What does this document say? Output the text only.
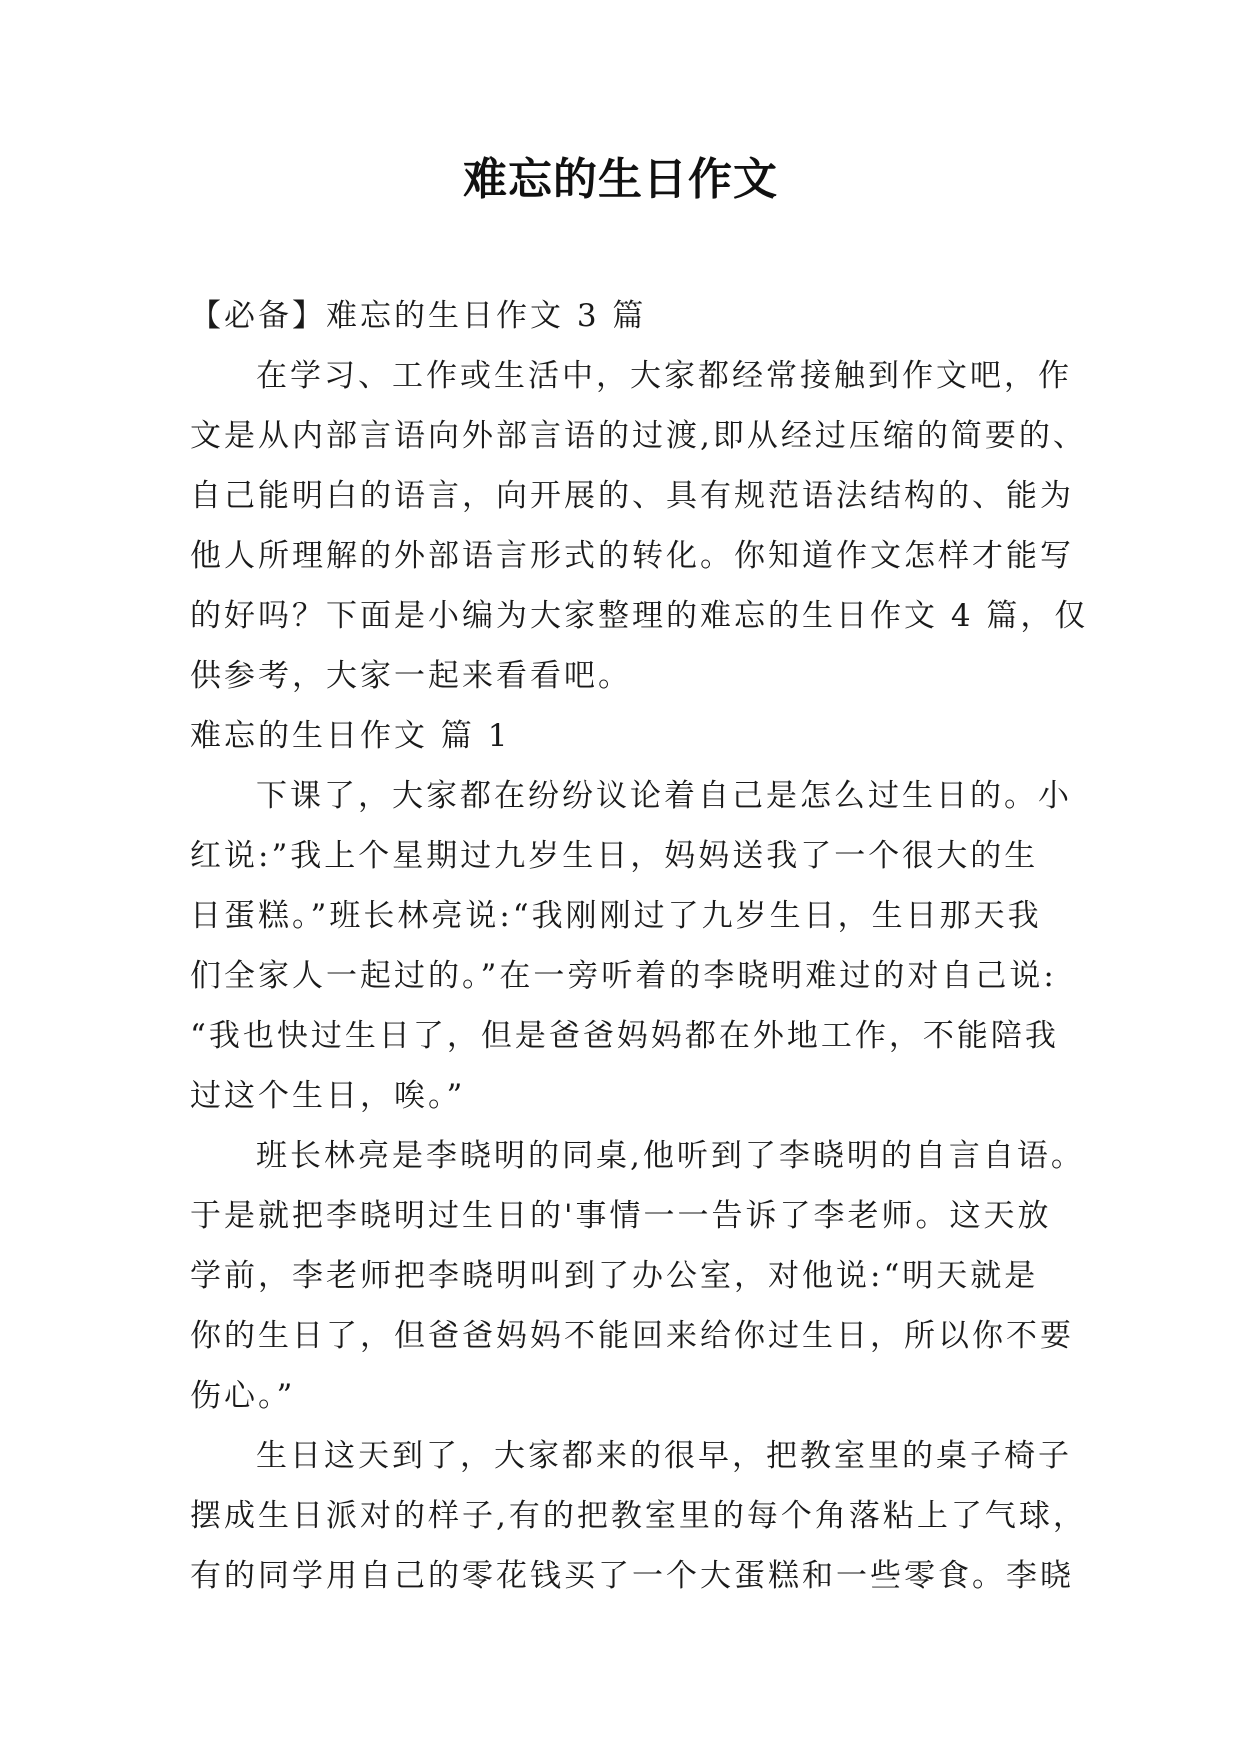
难忘的生日作文
【必备】难忘的生日作文 3 篇
在学习、工作或生活中，大家都经常接触到作文吧，作
文是从内部言语向外部言语的过渡,即从经过压缩的简要的、
自己能明白的语言，向开展的、具有规范语法结构的、能为
他人所理解的外部语言形式的转化。你知道作文怎样才能写
的好吗？下面是小编为大家整理的难忘的生日作文 4 篇，仅
供参考，大家一起来看看吧。
难忘的生日作文 篇 1
下课了，大家都在纷纷议论着自己是怎么过生日的。小
红说:”我上个星期过九岁生日，妈妈送我了一个很大的生
日蛋糕。”班长林亮说:“我刚刚过了九岁生日，生日那天我
们全家人一起过的。”在一旁听着的李晓明难过的对自己说:
“我也快过生日了，但是爸爸妈妈都在外地工作，不能陪我
过这个生日，唉。”
班长林亮是李晓明的同桌,他听到了李晓明的自言自语。
于是就把李晓明过生日的'事情一一告诉了李老师。这天放
学前，李老师把李晓明叫到了办公室，对他说:“明天就是
你的生日了，但爸爸妈妈不能回来给你过生日，所以你不要
伤心。”
生日这天到了，大家都来的很早，把教室里的桌子椅子
摆成生日派对的样子,有的把教室里的每个角落粘上了气球，
有的同学用自己的零花钱买了一个大蛋糕和一些零食。李晓
